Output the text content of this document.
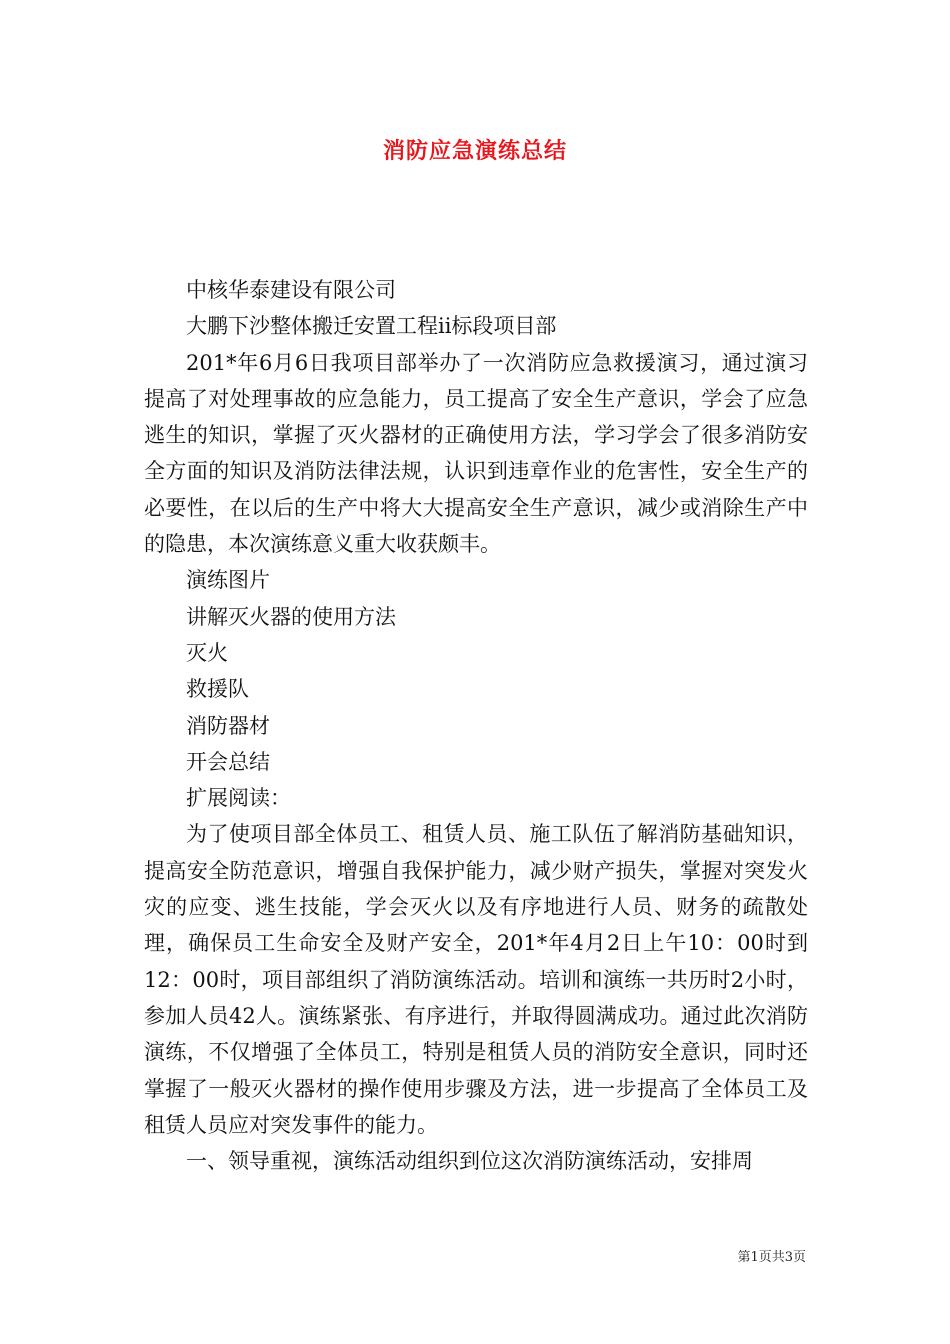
消防应急演练总结

中核华泰建设有限公司

大鹏下沙整体搬迁安置工程ii标段项目部

201*年6月6日我项目部举办了一次消防应急救援演习，通过演习提高了对处理事故的应急能力，员工提高了安全生产意识，学会了应急逃生的知识，掌握了灭火器材的正确使用方法，学习学会了很多消防安全方面的知识及消防法律法规，认识到违章作业的危害性，安全生产的必要性，在以后的生产中将大大提高安全生产意识，减少或消除生产中的隐患，本次演练意义重大收获颇丰。

演练图片

讲解灭火器的使用方法

灭火

救援队

消防器材

开会总结

扩展阅读：

为了使项目部全体员工、租赁人员、施工队伍了解消防基础知识，提高安全防范意识，增强自我保护能力，减少财产损失，掌握对突发火灾的应变、逃生技能，学会灭火以及有序地进行人员、财务的疏散处理，确保员工生命安全及财产安全，201*年4月2日上午10：00时到12：00时，项目部组织了消防演练活动。培训和演练一共历时2小时，参加人员42人。演练紧张、有序进行，并取得圆满成功。通过此次消防演练，不仅增强了全体员工，特别是租赁人员的消防安全意识，同时还掌握了一般灭火器材的操作使用步骤及方法，进一步提高了全体员工及租赁人员应对突发事件的能力。

一、领导重视，演练活动组织到位这次消防演练活动，安排周

第1页共3页
